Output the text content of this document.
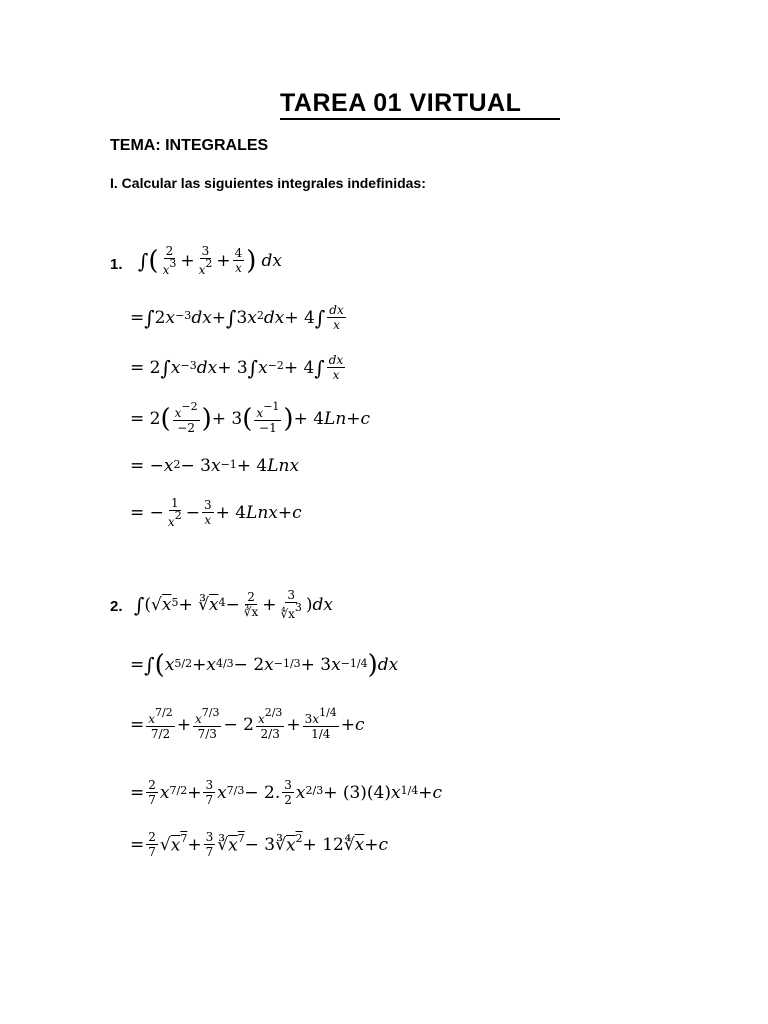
TAREA 01 VIRTUAL
TEMA: INTEGRALES
I. Calcular las siguientes integrales indefinidas:
1. ∫ ( $\frac{2}{x^3} + \frac{3}{x^2} + \frac{4}{x}$ ) dx
= ∫ 2 $x^{-3}$ dx + ∫ 3 $x^2$ dx + 4 ∫ $\frac{dx}{x}$
= 2 ∫ $x^{-3}$ dx + 3 ∫ $x^{-2} + 4$ ∫ $\frac{dx}{x}$
= 2 ( $\frac{x^{-2}}{-2}$ ) + 3 ( $\frac{x^{-1}}{-1}$ ) + 4 Ln + c
= − $x^2 - 3$ $x^{-1} + 4$ Lnx
= − $\frac{1}{x^2} - \frac{3}{x} + 4$ Lnx + c
2. ∫ (√ $x^5$ + ∛ $\overline{x}^4 - \frac{2}{∛x} + \frac{3}{∜x^3}$ ) dx
= ∫ ( $x^{5/2} + x^{4/3} - 2$ $x^{-1/3} + 3$ $x^{-1/4}$ ) dx
= $\frac{x^{7/2}}{7/2} + \frac{x^{7/3}}{7/3} - 2 \frac{x^{2/3}}{2/3} + \frac{3x^{1/4}}{1/4} + c$
= $\frac{2}{7} x^{7/2} + \frac{3}{7} x^{7/3} - 2$. $\frac{3}{2} x^{2/3} + (3)(4) x^{1/4} + c$
= $\frac{2}{7}$ √ $x^7 + \frac{3}{7}$ ∛ $x^7$ − 3∛ $x^2$ + 12∜ $\overline{x} + c$
